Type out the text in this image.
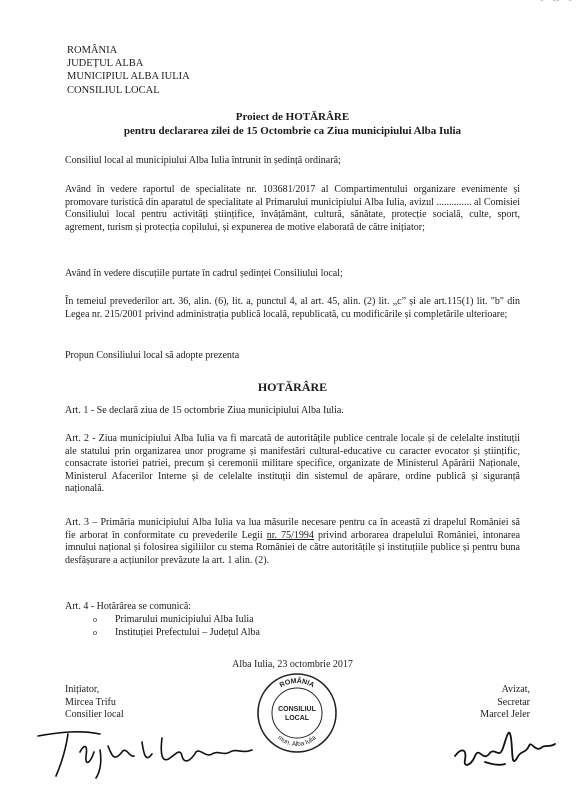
⌒⌒
ROMÂNIA
JUDEȚUL ALBA
MUNICIPIUL ALBA IULIA
CONSILIUL LOCAL
Proiect de HOTĂRÂRE
pentru declararea zilei de 15 Octombrie ca Ziua municipiului Alba Iulia
Consiliul local al municipiului Alba Iulia întrunit în ședință ordinară;
Având în vedere raportul de specialitate nr. 103681/2017 al Compartimentului organizare evenimente și promovare turistică din aparatul de specialitate al Primarului municipiului Alba Iulia, avizul .............. al Comisiei Consiliului local pentru activități științifice, învățământ, cultură, sănătate, protecție socială, culte, sport, agrement, turism și protecția copilului, și expunerea de motive elaborată de către inițiator;
Având în vedere discuțiile purtate în cadrul ședinței Consiliului local;
În temeiul prevederilor art. 36, alin. (6), lit. a, punctul 4, al art. 45, alin. (2) lit. „c” și ale art.115(1) lit. "b" din Legea nr. 215/2001 privind administrația publică locală, republicată, cu modificările și completările ulterioare;
Propun Consiliului local să adopte prezenta
HOTĂRÂRE
Art. 1 - Se declară ziua de 15 octombrie Ziua municipiului Alba Iulia.
Art. 2 - Ziua municipiului Alba Iulia va fi marcată de autoritățile publice centrale locale și de celelalte instituții ale statului prin organizarea unor programe și manifestări cultural-educative cu caracter evocator și științific, consacrate istoriei patriei, precum și ceremonii militare specifice, organizate de Ministerul Apărării Naționale, Ministerul Afacerilor Interne și de celelalte instituții din sistemul de apărare, ordine publică și siguranță națională.
Art. 3 – Primăria municipiului Alba Iulia va lua măsurile necesare pentru ca în această zi drapelul României să fie arborat în conformitate cu prevederile Legii nr. 75/1994 privind arborarea drapelului României, intonarea imnului național și folosirea sigiliilor cu stema României de către autoritățile și instituțiile publice și pentru buna desfășurare a acțiunilor prevăzute la art. 1 alin. (2).
Art. 4 - Hotărârea se comunică:
o Primarului municipiului Alba Iulia
o Instituției Prefectului – Județul Alba
Alba Iulia, 23 octombrie 2017
Inițiator,
Mircea Trifu
Consilier local
Avizat,
Secretar
Marcel Jeler
ROMÂNIA
mun. Alba Iulia
CONSILIUL
LOCAL
